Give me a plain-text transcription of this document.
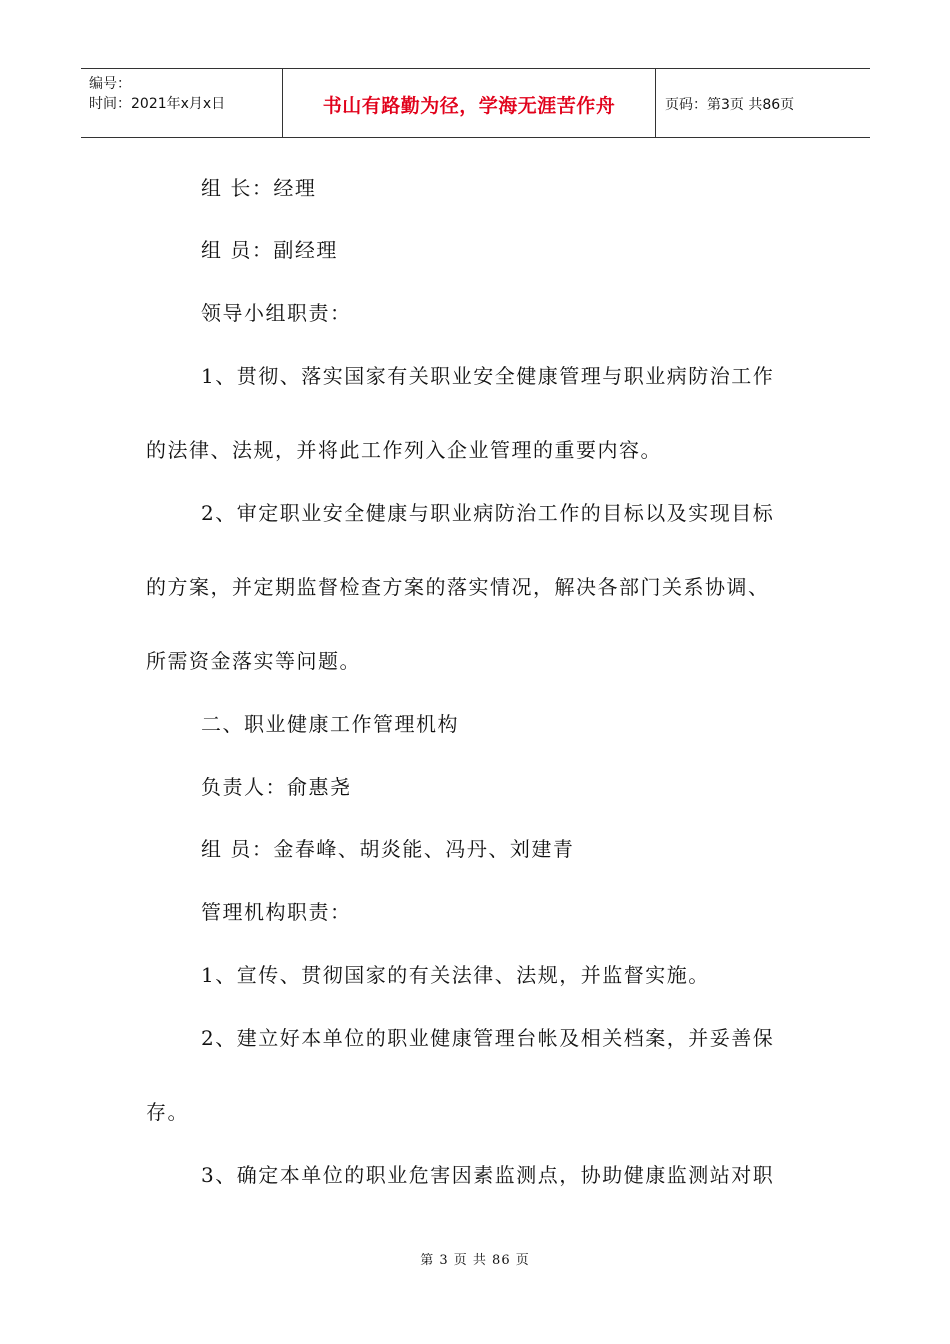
编号：
时间：2021年x月x日	书山有路勤为径，学海无涯苦作舟	页码：第3页 共86页
组 长：经理
组 员：副经理
领导小组职责：
1、贯彻、落实国家有关职业安全健康管理与职业病防治工作
的法律、法规，并将此工作列入企业管理的重要内容。
2、审定职业安全健康与职业病防治工作的目标以及实现目标
的方案，并定期监督检查方案的落实情况，解决各部门关系协调、
所需资金落实等问题。
二、职业健康工作管理机构
负责人：俞惠尧
组 员：金春峰、胡炎能、冯丹、刘建青
管理机构职责：
1、宣传、贯彻国家的有关法律、法规，并监督实施。
2、建立好本单位的职业健康管理台帐及相关档案，并妥善保
存。
3、确定本单位的职业危害因素监测点，协助健康监测站对职
第 3 页 共 86 页
